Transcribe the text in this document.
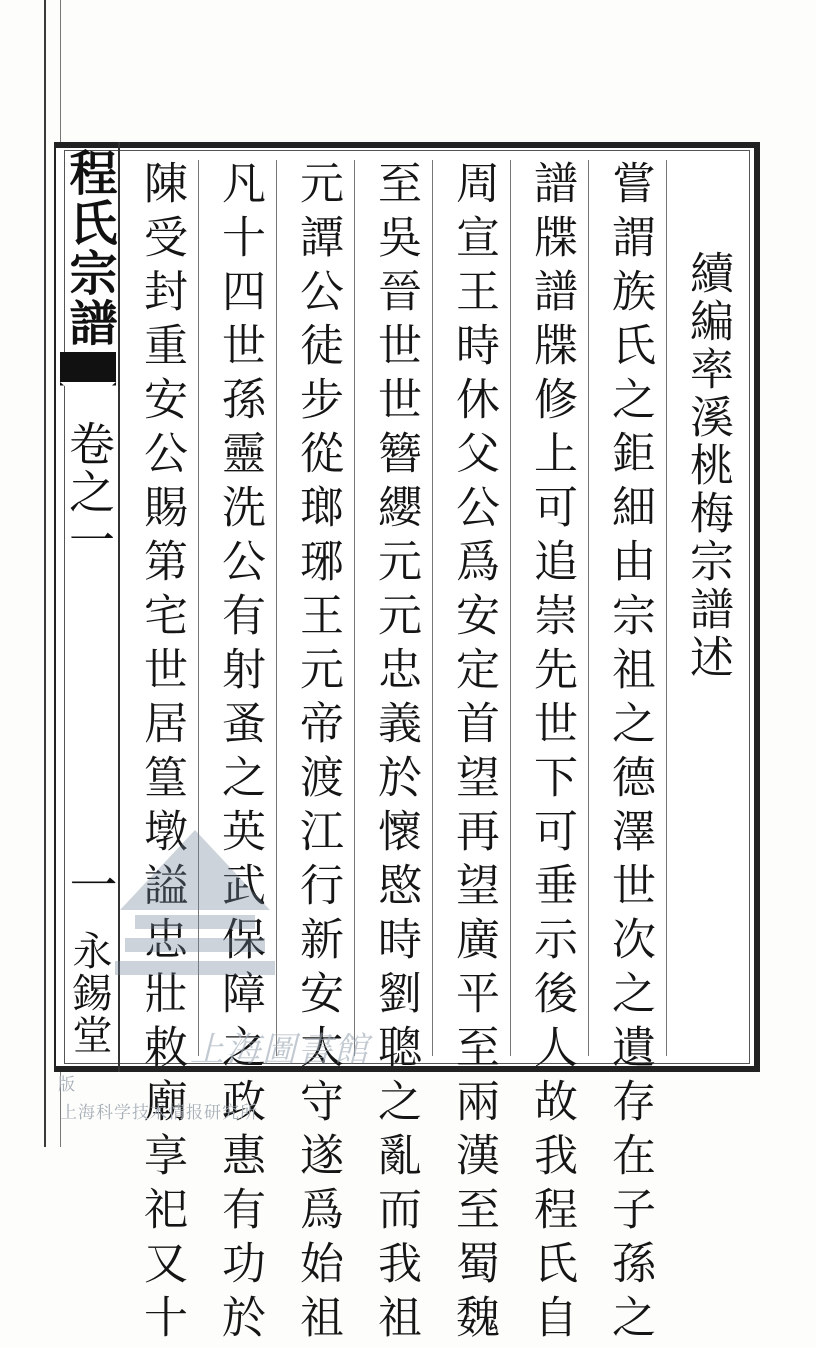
程氏宗譜
卷之一
一
永錫堂
續編率溪桃梅宗譜述
嘗謂族氏之鉅細由宗祖之德澤世次之遺存在子孫之
譜牒譜牒修上可追崇先世下可垂示後人故我程氏自
周宣王時休父公爲安定首望再望廣平至兩漢至蜀魏
至吳晉世世簪纓元元忠義於懷愍時劉聰之亂而我祖
元譚公徒步從瑯琊王元帝渡江行新安太守遂爲始祖
凡十四世孫靈洗公有射蚤之英武保障之政惠有功於
陳受封重安公賜第宅世居篁墩謚忠壯敕廟享祀又十 上海圖書館
版
上海科学技术情报研究所
